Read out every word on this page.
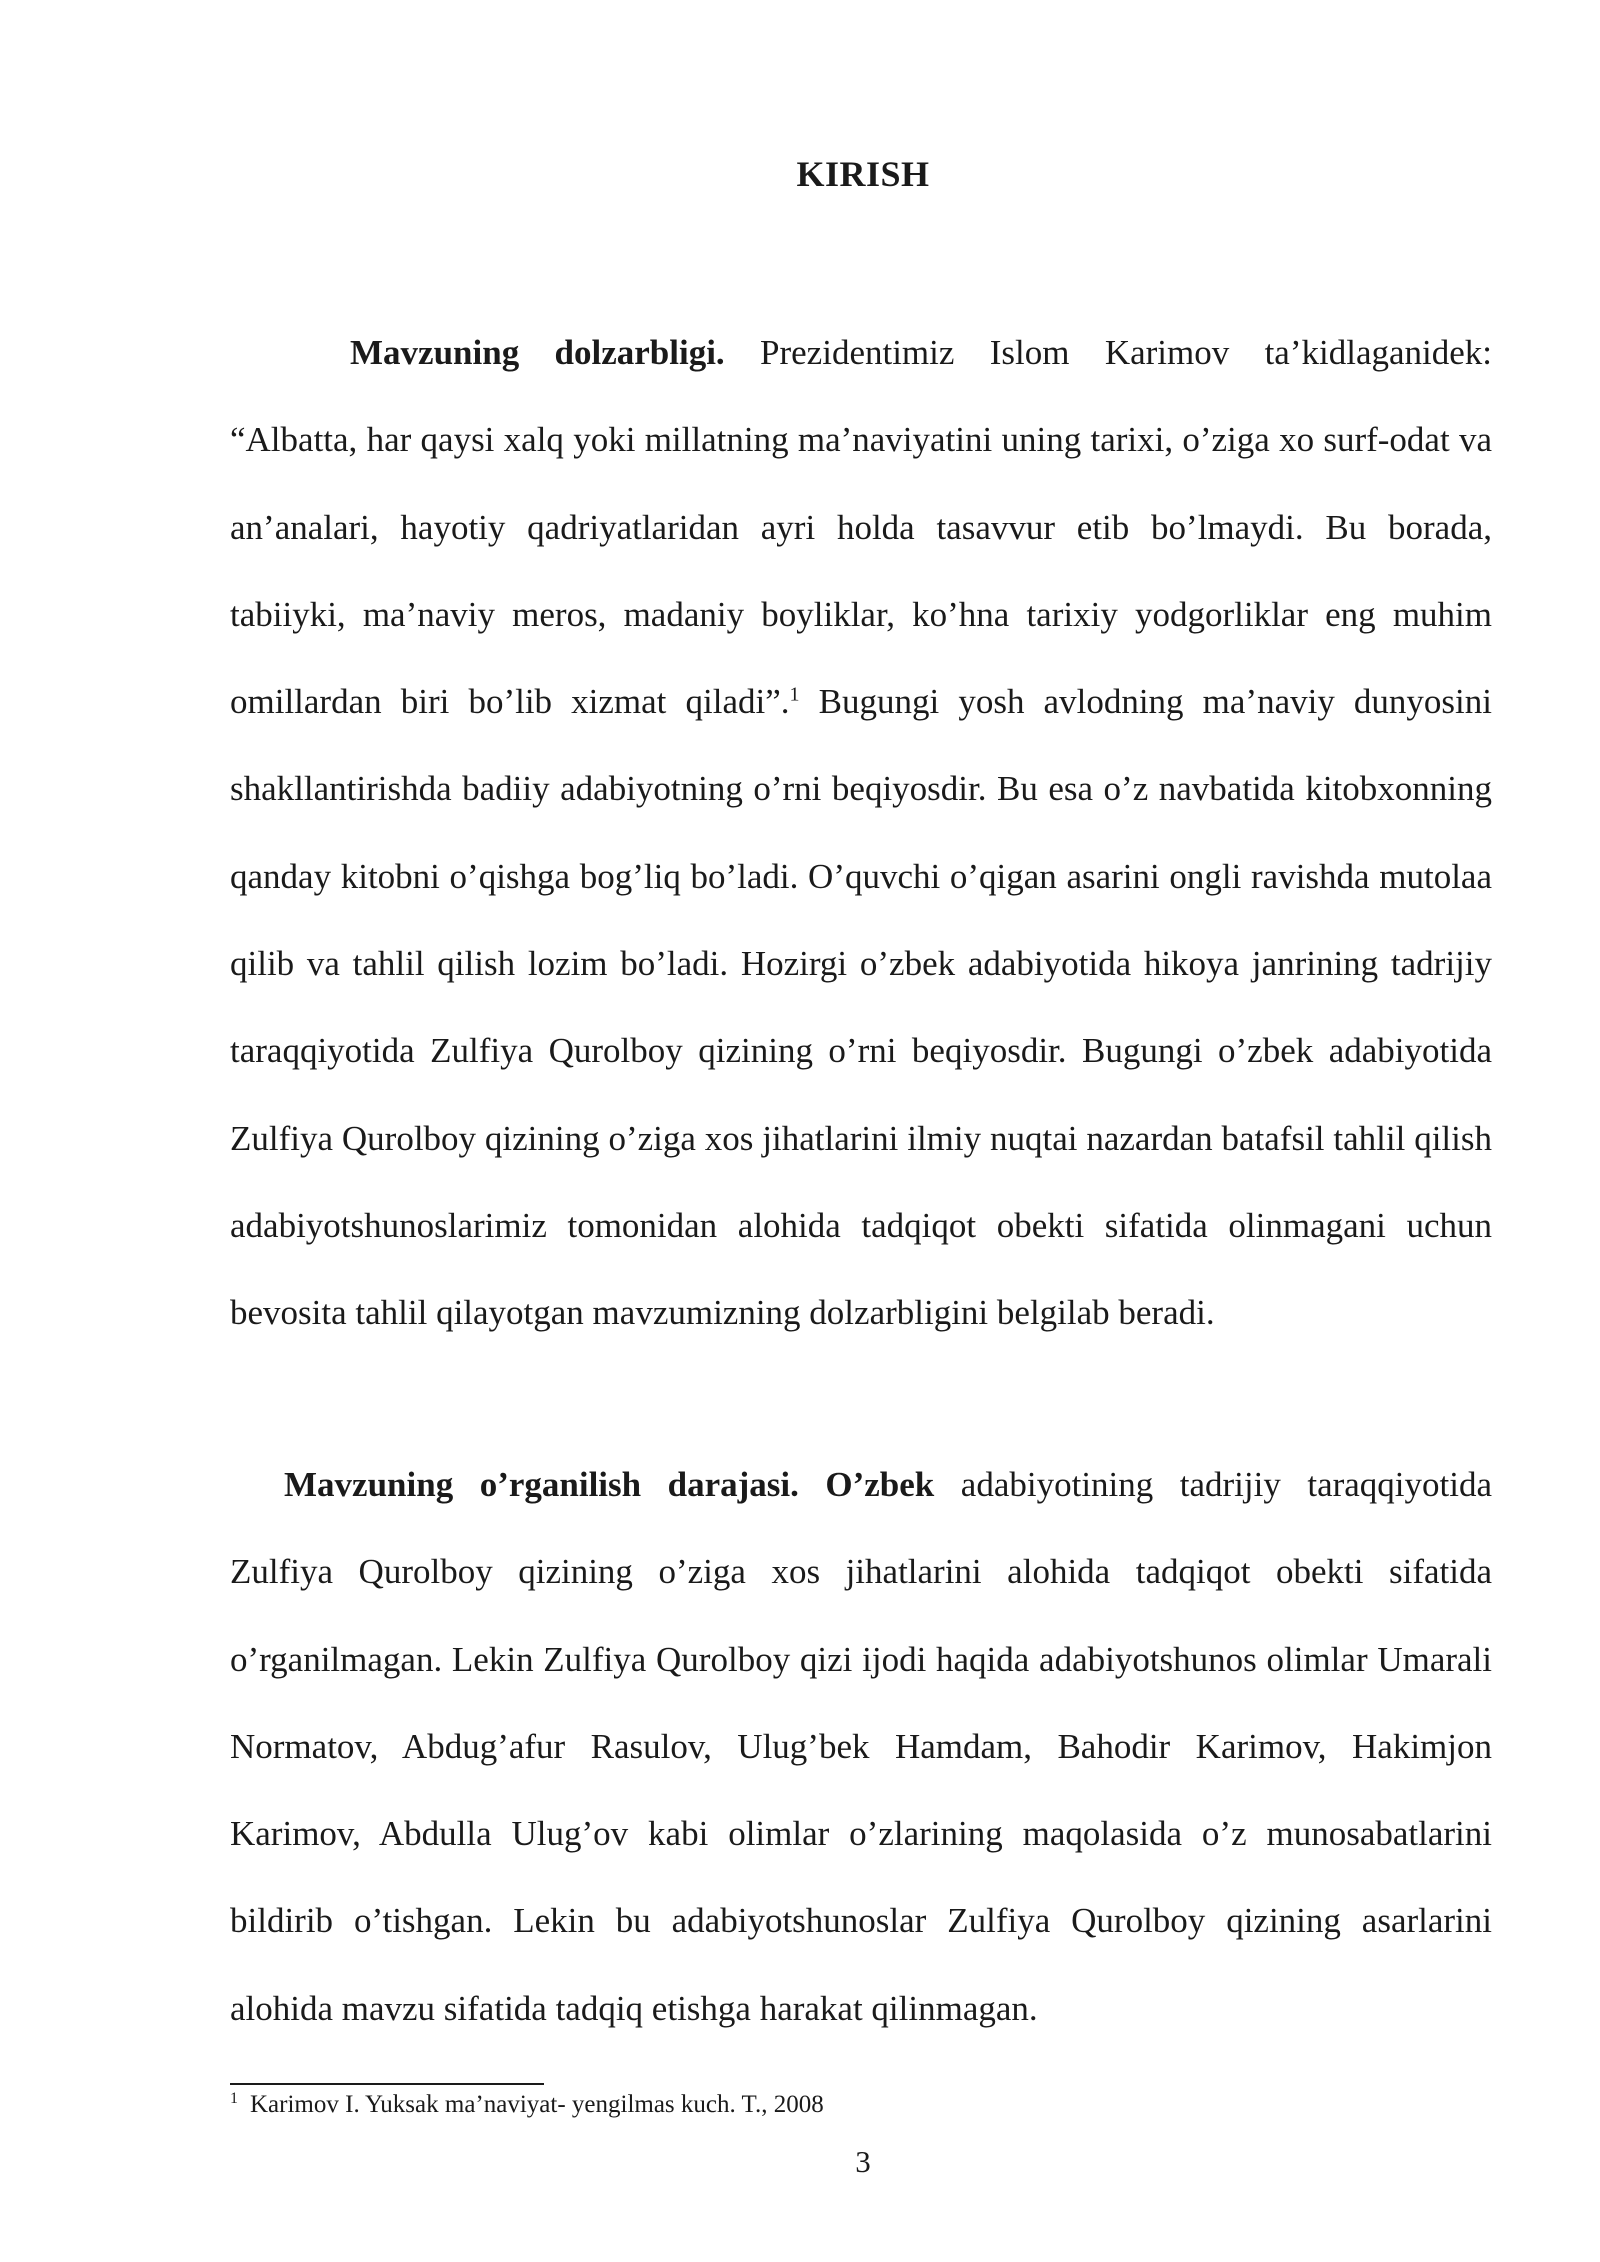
KIRISH

Mavzuning dolzarbligi. Prezidentimiz Islom Karimov ta’kidlaganidek: “Albatta, har qaysi xalq yoki millatning ma’naviyatini uning tarixi, o’ziga xo surf-odat va an’analari, hayotiy qadriyatlaridan ayri holda tasavvur etib bo’lmaydi. Bu borada, tabiiyki, ma’naviy meros, madaniy boyliklar, ko’hna tarixiy yodgorliklar eng muhim omillardan biri bo’lib xizmat qiladi”.$^1$ Bugungi yosh avlodning ma’naviy dunyosini shakllantirishda badiiy adabiyotning o’rni beqiyosdir. Bu esa o’z navbatida kitobxonning qanday kitobni o’qishga bog’liq bo’ladi. O’quvchi o’qigan asarini ongli ravishda mutolaa qilib va tahlil qilish lozim bo’ladi. Hozirgi o’zbek adabiyotida hikoya janrining tadrijiy taraqqiyotida Zulfiya Qurolboy qizining o’rni beqiyosdir. Bugungi o’zbek adabiyotida Zulfiya Qurolboy qizining o’ziga xos jihatlarini ilmiy nuqtai nazardan batafsil tahlil qilish adabiyotshunoslarimiz tomonidan alohida tadqiqot obekti sifatida olinmagani uchun bevosita tahlil qilayotgan mavzumizning dolzarbligini belgilab beradi.

Mavzuning o’rganilish darajasi. O’zbek adabiyotining tadrijiy taraqqiyotida Zulfiya Qurolboy qizining o’ziga xos jihatlarini alohida tadqiqot obekti sifatida o’rganilmagan. Lekin Zulfiya Qurolboy qizi ijodi haqida adabiyotshunos olimlar Umarali Normatov, Abdug’afur Rasulov, Ulug’bek Hamdam, Bahodir Karimov, Hakimjon Karimov, Abdulla Ulug’ov kabi olimlar o’zlarining maqolasida o’z munosabatlarini bildirib o’tishgan. Lekin bu adabiyotshunoslar Zulfiya Qurolboy qizining asarlarini alohida mavzu sifatida tadqiq etishga harakat qilinmagan.

$^1$ Karimov I. Yuksak ma’naviyat- yengilmas kuch. T., 2008
3
